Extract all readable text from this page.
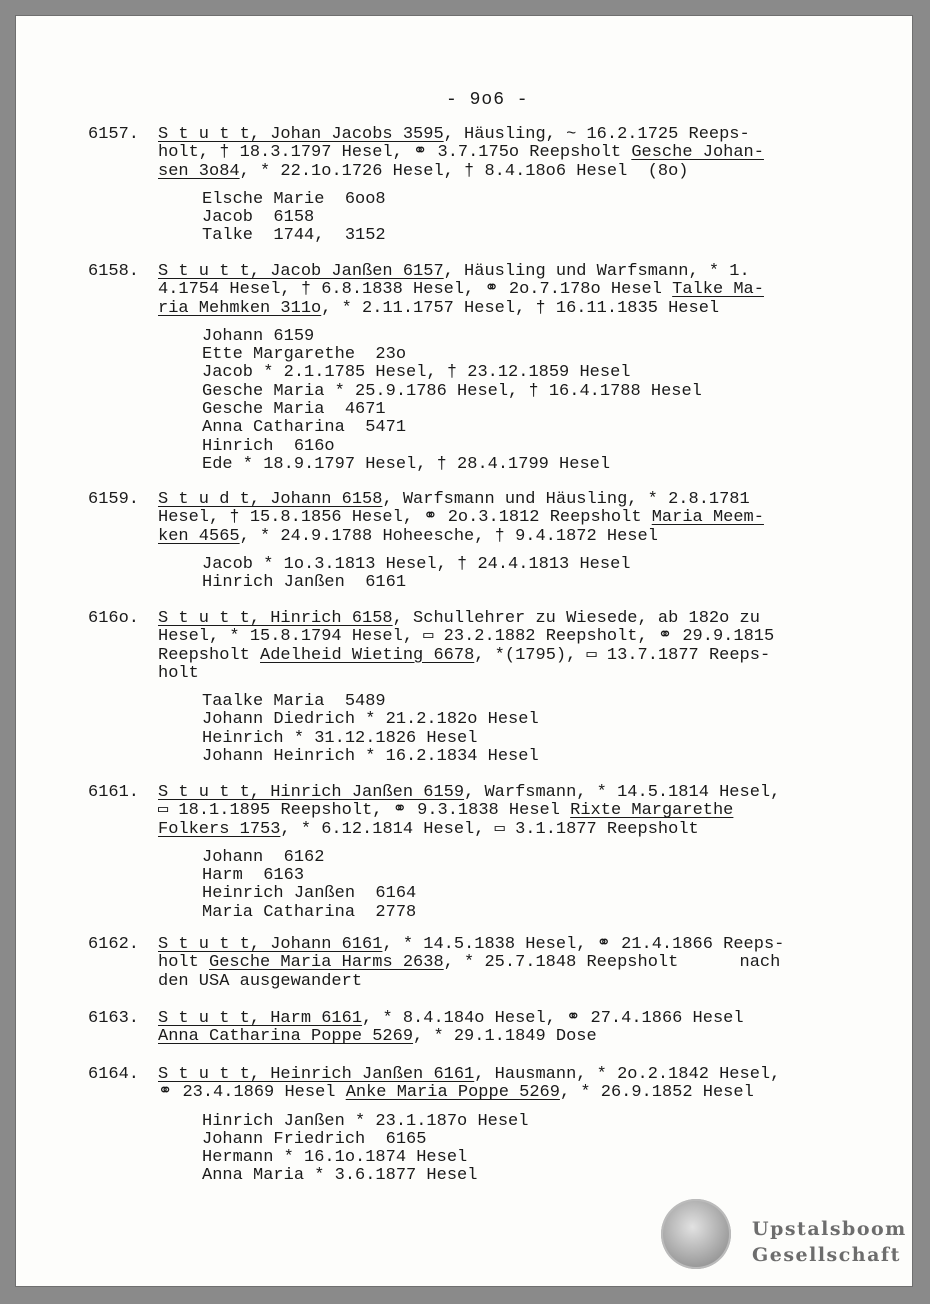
- 9o6 -
6157. S t u t t, Johan Jacobs 3595, Häusling, ~ 16.2.1725 Reeps-
holt, † 18.3.1797 Hesel, ⚭ 3.7.175o Reepsholt Gesche Johan-
sen 3o84, * 22.1o.1726 Hesel, † 8.4.18o6 Hesel  (8o)
Elsche Marie  6oo8
Jacob  6158
Talke  1744,  3152
6158. S t u t t, Jacob Janßen 6157, Häusling und Warfsmann, * 1.
4.1754 Hesel, † 6.8.1838 Hesel, ⚭ 2o.7.178o Hesel Talke Ma-
ria Mehmken 311o, * 2.11.1757 Hesel, † 16.11.1835 Hesel
Johann 6159
Ette Margarethe  23o
Jacob * 2.1.1785 Hesel, † 23.12.1859 Hesel
Gesche Maria * 25.9.1786 Hesel, † 16.4.1788 Hesel
Gesche Maria  4671
Anna Catharina  5471
Hinrich  616o
Ede * 18.9.1797 Hesel, † 28.4.1799 Hesel
6159. S t u d t, Johann 6158, Warfsmann und Häusling, * 2.8.1781
Hesel, † 15.8.1856 Hesel, ⚭ 2o.3.1812 Reepsholt Maria Meem-
ken 4565, * 24.9.1788 Hoheesche, † 9.4.1872 Hesel
Jacob * 1o.3.1813 Hesel, † 24.4.1813 Hesel
Hinrich Janßen  6161
616o. S t u t t, Hinrich 6158, Schullehrer zu Wiesede, ab 182o zu
Hesel, * 15.8.1794 Hesel, ▭ 23.2.1882 Reepsholt, ⚭ 29.9.1815
Reepsholt Adelheid Wieting 6678, *(1795), ▭ 13.7.1877 Reeps-
holt
Taalke Maria  5489
Johann Diedrich * 21.2.182o Hesel
Heinrich * 31.12.1826 Hesel
Johann Heinrich * 16.2.1834 Hesel
6161. S t u t t, Hinrich Janßen 6159, Warfsmann, * 14.5.1814 Hesel,
▭ 18.1.1895 Reepsholt, ⚭ 9.3.1838 Hesel Rixte Margarethe
Folkers 1753, * 6.12.1814 Hesel, ▭ 3.1.1877 Reepsholt
Johann  6162
Harm  6163
Heinrich Janßen  6164
Maria Catharina  2778
6162. S t u t t, Johann 6161, * 14.5.1838 Hesel, ⚭ 21.4.1866 Reeps-
holt Gesche Maria Harms 2638, * 25.7.1848 Reepsholt      nach
den USA ausgewandert
6163. S t u t t, Harm 6161, * 8.4.184o Hesel, ⚭ 27.4.1866 Hesel
Anna Catharina Poppe 5269, * 29.1.1849 Dose
6164. S t u t t, Heinrich Janßen 6161, Hausmann, * 2o.2.1842 Hesel,
⚭ 23.4.1869 Hesel Anke Maria Poppe 5269, * 26.9.1852 Hesel
Hinrich Janßen * 23.1.187o Hesel
Johann Friedrich  6165
Hermann * 16.1o.1874 Hesel
Anna Maria * 3.6.1877 Hesel
Upstalsboom
Gesellschaft
